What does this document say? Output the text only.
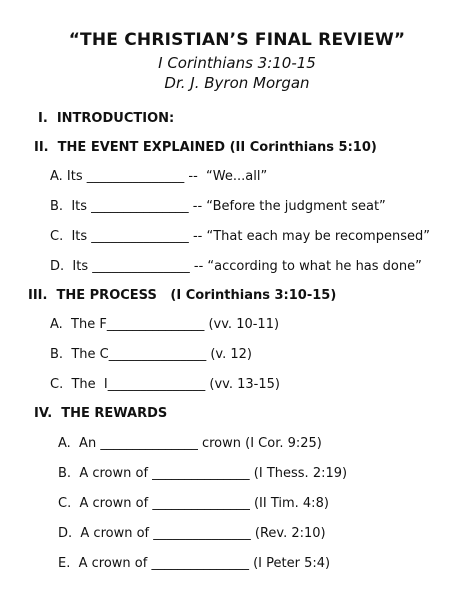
“THE CHRISTIAN’S FINAL REVIEW”
I Corinthians 3:10-15
Dr. J. Byron Morgan
I.  INTRODUCTION:
II.  THE EVENT EXPLAINED (II Corinthians 5:10)
A. Its _______________ --  “We...all”
B.  Its _______________ -- “Before the judgment seat”
C.  Its _______________ -- “That each may be recompensed”
D.  Its _______________ -- “according to what he has done”
III.  THE PROCESS   (I Corinthians 3:10-15)
A.  The F_______________ (vv. 10-11)
B.  The C_______________ (v. 12)
C.  The  I_______________ (vv. 13-15)
IV.  THE REWARDS
A.  An _______________ crown (I Cor. 9:25)
B.  A crown of _______________ (I Thess. 2:19)
C.  A crown of _______________ (II Tim. 4:8)
D.  A crown of _______________ (Rev. 2:10)
E.  A crown of _______________ (I Peter 5:4)
